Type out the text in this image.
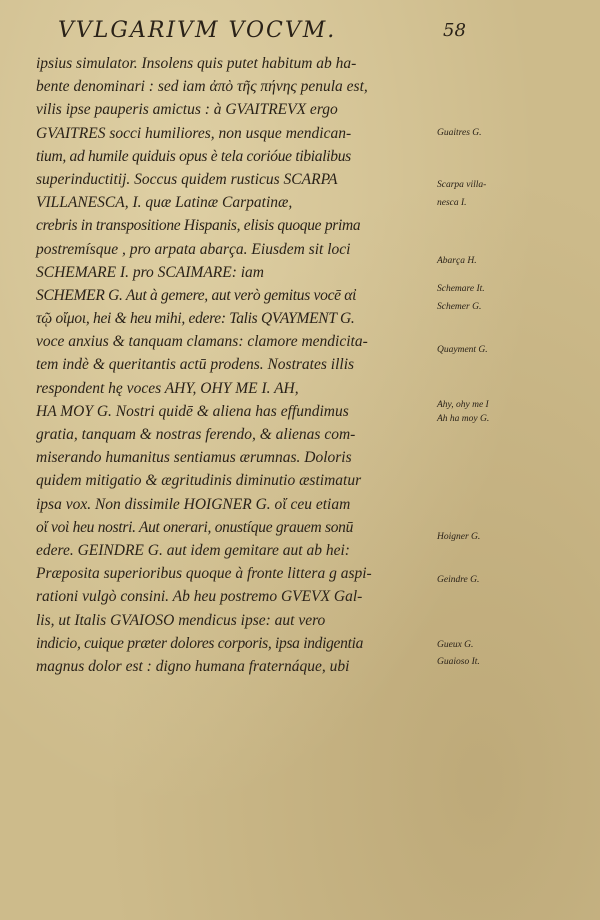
VVLGARIVM VOCVM.	58
ipsius simulator. Insolens quis putet habitum ab ha-
bente denominari : sed iam ἀπὸ τῆς πήνης penula est,
vilis ipse pauperis amictus : à GVAITREVX ergo
GVAITRES socci humiliores, non usque mendican-
tium, ad humile quiduis opus è tela corióue tibialibus
superinductitij. Soccus quidem rusticus SCARPA
VILLANESCA, I. quæ Latinæ Carpatinæ,
crebris in transpositione Hispanis, elisis quoque prima
postremísque , pro arpata abarça. Eiusdem sit loci
SCHEMARE I. pro SCAIMARE: iam
SCHEMER G. Aut à gemere, aut verò gemitus vocē αἰ
τῷ οἴμοι, hei & heu mihi, edere: Talis QVAYMENT G.
voce anxius & tanquam clamans: clamore mendicita-
tem indè & queritantis actū prodens. Nostrates illis
respondent hę voces AHY, OHY ME I. AH,
HA MOY G. Nostri quidē & aliena has effundimus
gratia, tanquam & nostras ferendo, & alienas com-
miserando humanitus sentiamus ærumnas. Doloris
quidem mitigatio & ægritudinis diminutio æstimatur
ipsa vox. Non dissimile HOIGNER G. οἴ ceu etiam
οἴ νοὶ heu nostri. Aut onerari, onustíque grauem sonū
edere. GEINDRE G. aut idem gemitare aut ab hei:
Præposita superioribus quoque à fronte littera g aspi-
rationi vulgò consini. Ab heu postremo GVEVX Gal-
lis, ut Italis GVAIOSO mendicus ipse: aut vero
indicio, cuique præter dolores corporis, ipsa indigentia
magnus dolor est : digno humana fraternáque, ubi
Guaitres G.
Scarpa villa-
nesca I.
Abarça H.
Schemare It.
Schemer G.
Quayment G.
Ahy, ohy me I
Ah ha moy G.
Hoigner G.
Geindre G.
Gueux G.
Guaioso It.
